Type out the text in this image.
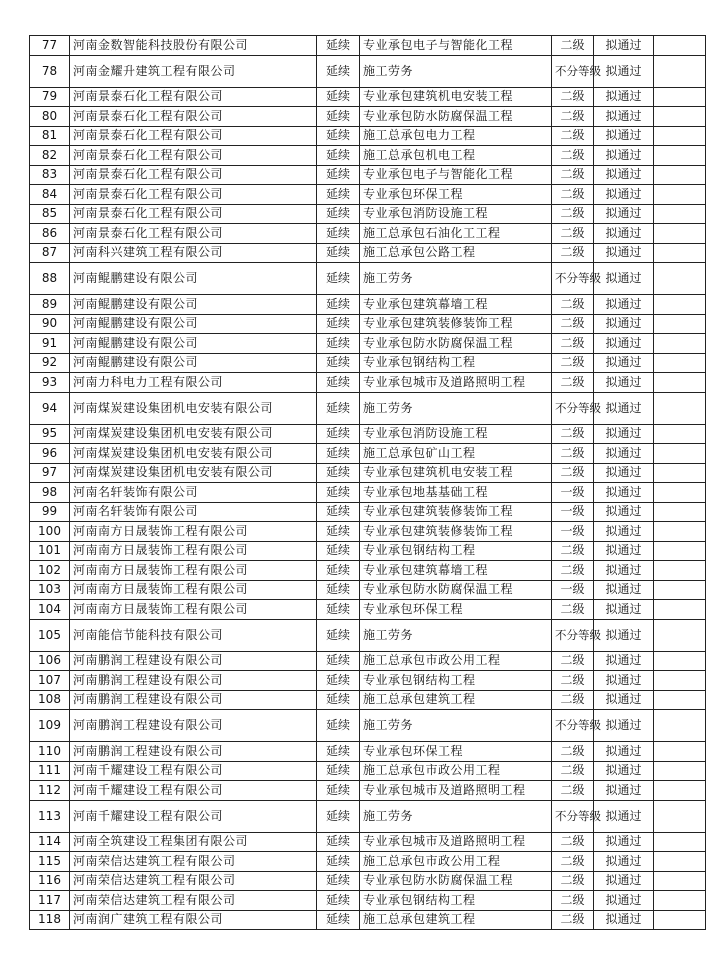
77	河南金数智能科技股份有限公司	延续	专业承包电子与智能化工程	二级	拟通过	
78	河南金耀升建筑工程有限公司	延续	施工劳务	不分等级	拟通过	
79	河南景泰石化工程有限公司	延续	专业承包建筑机电安装工程	二级	拟通过	
80	河南景泰石化工程有限公司	延续	专业承包防水防腐保温工程	二级	拟通过	
81	河南景泰石化工程有限公司	延续	施工总承包电力工程	二级	拟通过	
82	河南景泰石化工程有限公司	延续	施工总承包机电工程	二级	拟通过	
83	河南景泰石化工程有限公司	延续	专业承包电子与智能化工程	二级	拟通过	
84	河南景泰石化工程有限公司	延续	专业承包环保工程	二级	拟通过	
85	河南景泰石化工程有限公司	延续	专业承包消防设施工程	二级	拟通过	
86	河南景泰石化工程有限公司	延续	施工总承包石油化工工程	二级	拟通过	
87	河南科兴建筑工程有限公司	延续	施工总承包公路工程	二级	拟通过	
88	河南鲲鹏建设有限公司	延续	施工劳务	不分等级	拟通过	
89	河南鲲鹏建设有限公司	延续	专业承包建筑幕墙工程	二级	拟通过	
90	河南鲲鹏建设有限公司	延续	专业承包建筑装修装饰工程	二级	拟通过	
91	河南鲲鹏建设有限公司	延续	专业承包防水防腐保温工程	二级	拟通过	
92	河南鲲鹏建设有限公司	延续	专业承包钢结构工程	二级	拟通过	
93	河南力科电力工程有限公司	延续	专业承包城市及道路照明工程	二级	拟通过	
94	河南煤炭建设集团机电安装有限公司	延续	施工劳务	不分等级	拟通过	
95	河南煤炭建设集团机电安装有限公司	延续	专业承包消防设施工程	二级	拟通过	
96	河南煤炭建设集团机电安装有限公司	延续	施工总承包矿山工程	二级	拟通过	
97	河南煤炭建设集团机电安装有限公司	延续	专业承包建筑机电安装工程	二级	拟通过	
98	河南名轩装饰有限公司	延续	专业承包地基基础工程	一级	拟通过	
99	河南名轩装饰有限公司	延续	专业承包建筑装修装饰工程	一级	拟通过	
100	河南南方日晟装饰工程有限公司	延续	专业承包建筑装修装饰工程	一级	拟通过	
101	河南南方日晟装饰工程有限公司	延续	专业承包钢结构工程	二级	拟通过	
102	河南南方日晟装饰工程有限公司	延续	专业承包建筑幕墙工程	二级	拟通过	
103	河南南方日晟装饰工程有限公司	延续	专业承包防水防腐保温工程	一级	拟通过	
104	河南南方日晟装饰工程有限公司	延续	专业承包环保工程	二级	拟通过	
105	河南能信节能科技有限公司	延续	施工劳务	不分等级	拟通过	
106	河南鹏润工程建设有限公司	延续	施工总承包市政公用工程	二级	拟通过	
107	河南鹏润工程建设有限公司	延续	专业承包钢结构工程	二级	拟通过	
108	河南鹏润工程建设有限公司	延续	施工总承包建筑工程	二级	拟通过	
109	河南鹏润工程建设有限公司	延续	施工劳务	不分等级	拟通过	
110	河南鹏润工程建设有限公司	延续	专业承包环保工程	二级	拟通过	
111	河南千耀建设工程有限公司	延续	施工总承包市政公用工程	二级	拟通过	
112	河南千耀建设工程有限公司	延续	专业承包城市及道路照明工程	二级	拟通过	
113	河南千耀建设工程有限公司	延续	施工劳务	不分等级	拟通过	
114	河南全筑建设工程集团有限公司	延续	专业承包城市及道路照明工程	二级	拟通过	
115	河南荣信达建筑工程有限公司	延续	施工总承包市政公用工程	二级	拟通过	
116	河南荣信达建筑工程有限公司	延续	专业承包防水防腐保温工程	二级	拟通过	
117	河南荣信达建筑工程有限公司	延续	专业承包钢结构工程	二级	拟通过	
118	河南润广建筑工程有限公司	延续	施工总承包建筑工程	二级	拟通过	
